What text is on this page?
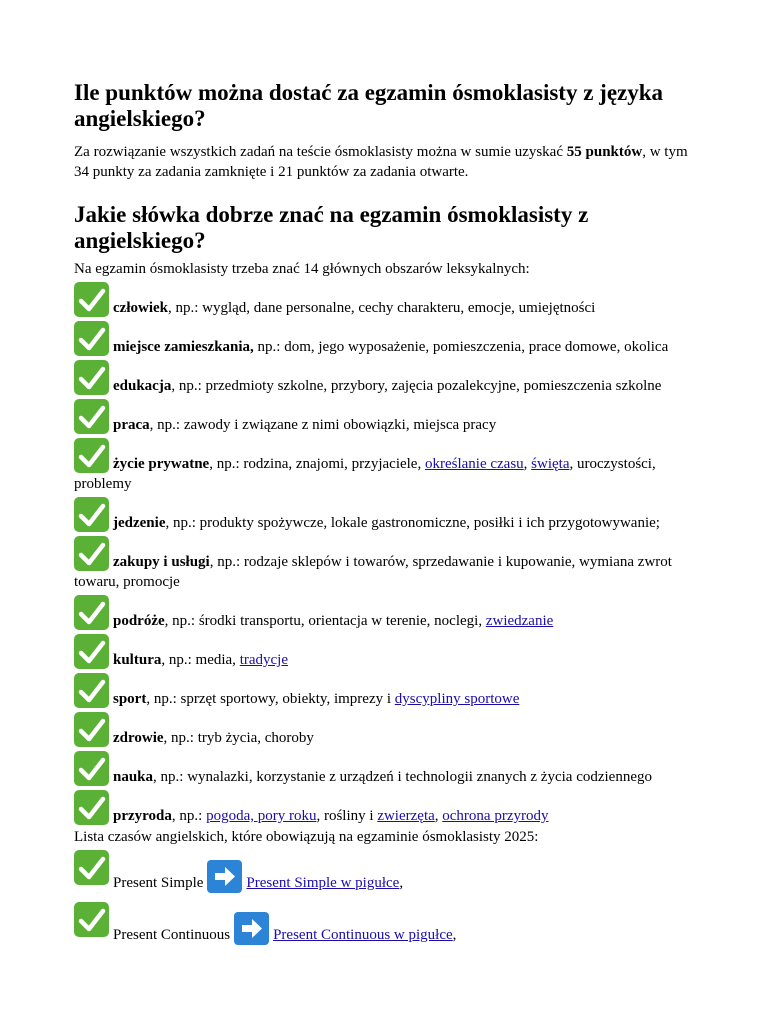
Ile punktów można dostać za egzamin ósmoklasisty z języka angielskiego?

Za rozwiązanie wszystkich zadań na teście ósmoklasisty można w sumie uzyskać 55 punktów, w tym 34 punkty za zadania zamknięte i 21 punktów za zadania otwarte.

Jakie słówka dobrze znać na egzamin ósmoklasisty z angielskiego?

Na egzamin ósmoklasisty trzeba znać 14 głównych obszarów leksykalnych:

człowiek, np.: wygląd, dane personalne, cechy charakteru, emocje, umiejętności
miejsce zamieszkania, np.: dom, jego wyposażenie, pomieszczenia, prace domowe, okolica
edukacja, np.: przedmioty szkolne, przybory, zajęcia pozalekcyjne, pomieszczenia szkolne
praca, np.: zawody i związane z nimi obowiązki, miejsca pracy
życie prywatne, np.: rodzina, znajomi, przyjaciele, określanie czasu, święta, uroczystości, problemy
jedzenie, np.: produkty spożywcze, lokale gastronomiczne, posiłki i ich przygotowywanie;
zakupy i usługi, np.: rodzaje sklepów i towarów, sprzedawanie i kupowanie, wymiana zwrot towaru, promocje
podróże, np.: środki transportu, orientacja w terenie, noclegi, zwiedzanie
kultura, np.: media, tradycje
sport, np.: sprzęt sportowy, obiekty, imprezy i dyscypliny sportowe
zdrowie, np.: tryb życia, choroby
nauka, np.: wynalazki, korzystanie z urządzeń i technologii znanych z życia codziennego
przyroda, np.: pogoda, pory roku, rośliny i zwierzęta, ochrona przyrody

Lista czasów angielskich, które obowiązują na egzaminie ósmoklasisty 2025:

Present Simple	Present Simple w pigułce,
Present Continuous	Present Continuous w pigułce,
